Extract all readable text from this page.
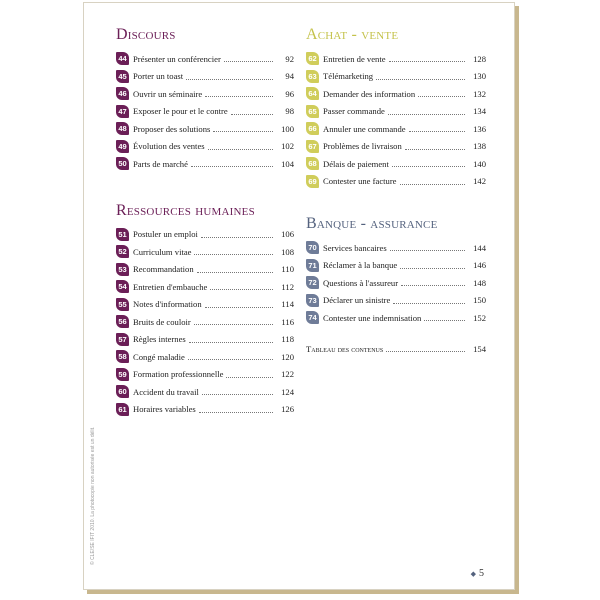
Discours
44 Présenter un conférencier	92
45 Porter un toast	94
46 Ouvrir un séminaire	96
47 Exposer le pour et le contre	98
48 Proposer des solutions	100
49 Évolution des ventes	102
50 Parts de marché	104
Ressources humaines
51 Postuler un emploi	106
52 Curriculum vitae	108
53 Recommandation	110
54 Entretien d'embauche	112
55 Notes d'information	114
56 Bruits de couloir	116
57 Règles internes	118
58 Congé maladie	120
59 Formation professionnelle	122
60 Accident du travail	124
61 Horaires variables	126
Achat - vente
62 Entretien de vente	128
63 Télémarketing	130
64 Demander des information	132
65 Passer commande	134
66 Annuler une commande	136
67 Problèmes de livraison	138
68 Délais de paiement	140
69 Contester une facture	142
Banque - assurance
70 Services bancaires	144
71 Réclamer à la banque	146
72 Questions à l'assureur	148
73 Déclarer un sinistre	150
74 Contester une indemnisation	152
Tableau des contenus	154
© CLE/SE IFIT 2010. La photocopie non autorisée est un délit.
◆ 5
